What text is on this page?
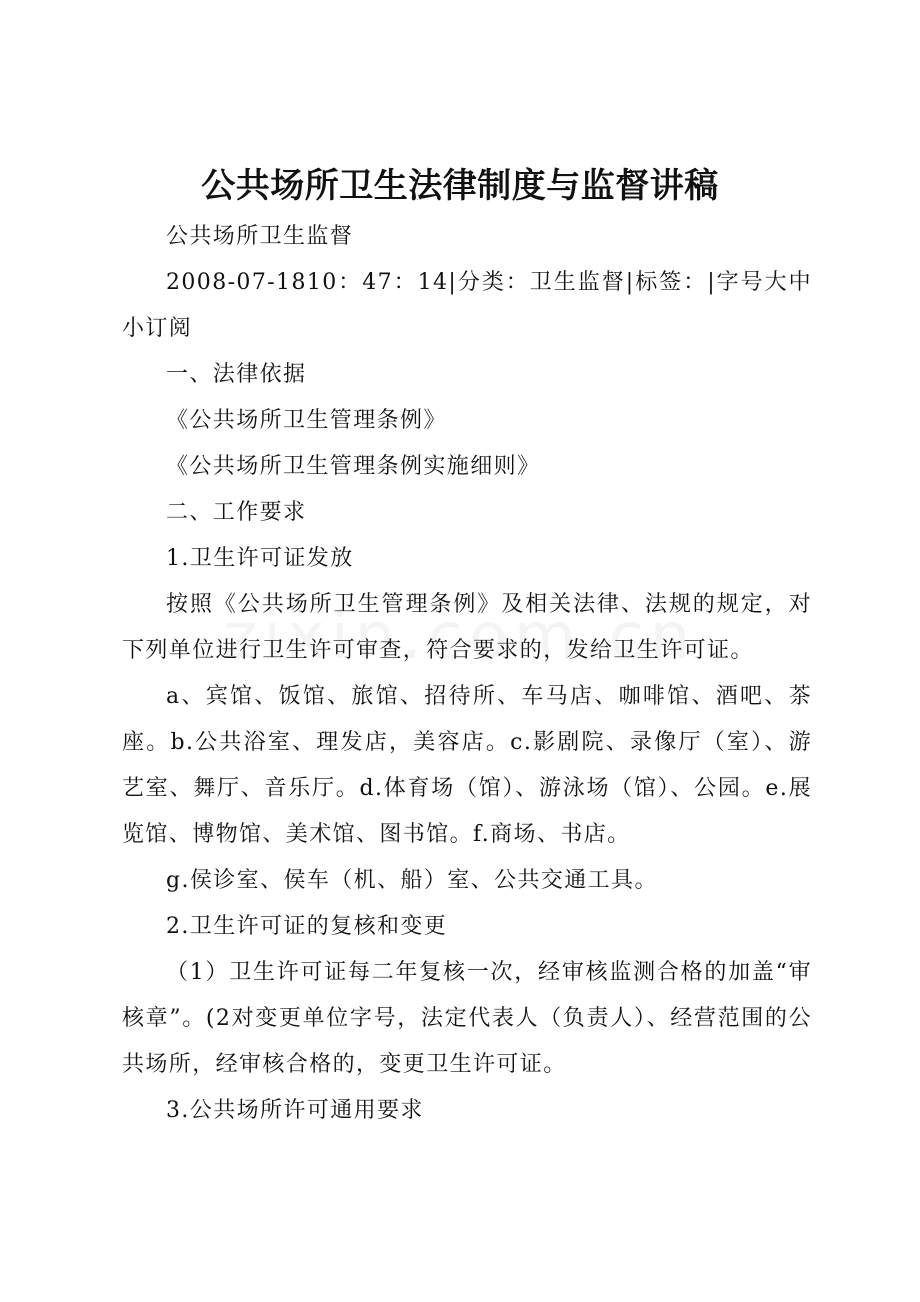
公共场所卫生法律制度与监督讲稿

公共场所卫生监督

2008-07-1810：47：14|分类：卫生监督|标签：|字号大中小订阅

一、法律依据

《公共场所卫生管理条例》

《公共场所卫生管理条例实施细则》

二、工作要求

1.卫生许可证发放

按照《公共场所卫生管理条例》及相关法律、法规的规定，对下列单位进行卫生许可审查，符合要求的，发给卫生许可证。

a、宾馆、饭馆、旅馆、招待所、车马店、咖啡馆、酒吧、茶座。b.公共浴室、理发店，美容店。c.影剧院、录像厅（室）、游艺室、舞厅、音乐厅。d.体育场（馆）、游泳场（馆）、公园。e.展览馆、博物馆、美术馆、图书馆。f.商场、书店。

g.侯诊室、侯车（机、船）室、公共交通工具。

2.卫生许可证的复核和变更

（1）卫生许可证每二年复核一次，经审核监测合格的加盖“审核章”。(2对变更单位字号，法定代表人（负责人）、经营范围的公共场所，经审核合格的，变更卫生许可证。

3.公共场所许可通用要求
